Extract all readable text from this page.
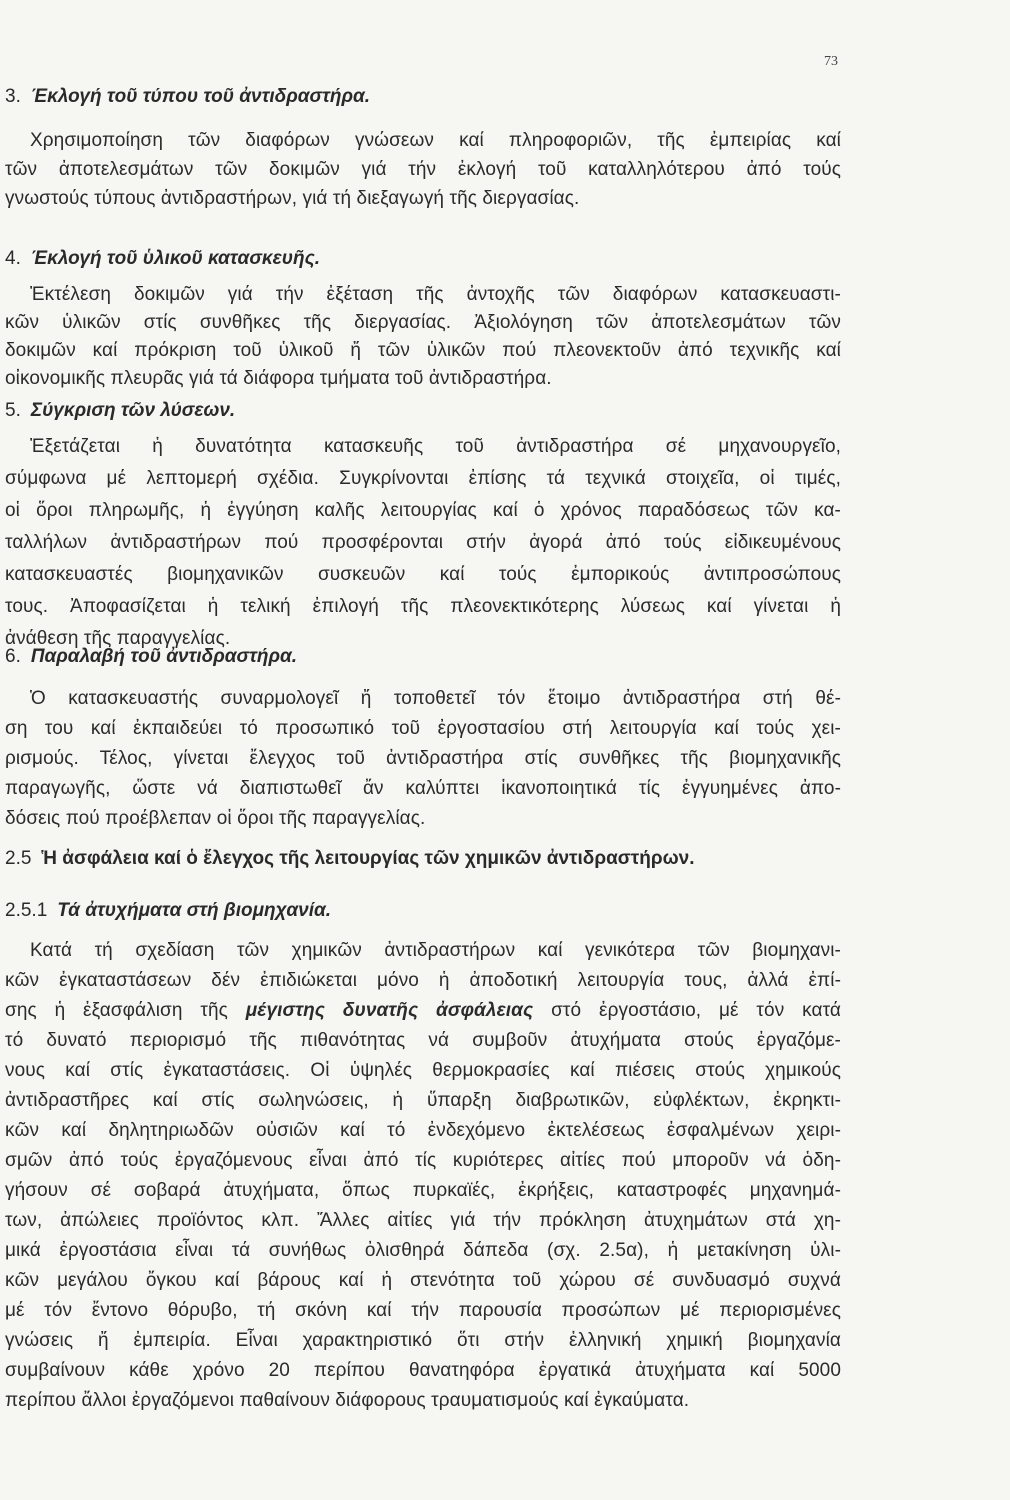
73
3. Έκλογή τοῦ τύπου τοῦ ἀντιδραστήρα.
Χρησιμοποίηση τῶν διαφόρων γνώσεων καί πληροφοριῶν, τῆς ἐμπειρίας καί
τῶν ἀποτελεσμάτων τῶν δοκιμῶν γιά τήν ἐκλογή τοῦ καταλληλότερου ἀπό τούς
γνωστούς τύπους ἀντιδραστήρων, γιά τή διεξαγωγή τῆς διεργασίας.
4. Έκλογή τοῦ ὑλικοῦ κατασκευῆς.
Ἐκτέλεση δοκιμῶν γιά τήν ἐξέταση τῆς ἀντοχῆς τῶν διαφόρων κατασκευαστι-
κῶν ὑλικῶν στίς συνθῆκες τῆς διεργασίας. Ἀξιολόγηση τῶν ἀποτελεσμάτων τῶν
δοκιμῶν καί πρόκριση τοῦ ὑλικοῦ ἤ τῶν ὑλικῶν πού πλεονεκτοῦν ἀπό τεχνικῆς καί
οἰκονομικῆς πλευρᾶς γιά τά διάφορα τμήματα τοῦ ἀντιδραστήρα.
5. Σύγκριση τῶν λύσεων.
Ἐξετάζεται ἡ δυνατότητα κατασκευῆς τοῦ ἀντιδραστήρα σέ μηχανουργεῖο,
σύμφωνα μέ λεπτομερή σχέδια. Συγκρίνονται ἐπίσης τά τεχνικά στοιχεῖα, οἱ τιμές,
οἱ ὅροι πληρωμῆς, ἡ ἐγγύηση καλῆς λειτουργίας καί ὁ χρόνος παραδόσεως τῶν κα-
ταλλήλων ἀντιδραστήρων πού προσφέρονται στήν ἀγορά ἀπό τούς εἰδικευμένους
κατασκευαστές βιομηχανικῶν συσκευῶν καί τούς ἐμπορικούς ἀντιπροσώπους
τους. Ἀποφασίζεται ἡ τελική ἐπιλογή τῆς πλεονεκτικότερης λύσεως καί γίνεται ἡ
ἀνάθεση τῆς παραγγελίας.
6. Παραλαβή τοῦ ἀντιδραστήρα.
Ὁ κατασκευαστής συναρμολογεῖ ἤ τοποθετεῖ τόν ἕτοιμο ἀντιδραστήρα στή θέ-
ση του καί ἐκπαιδεύει τό προσωπικό τοῦ ἐργοστασίου στή λειτουργία καί τούς χει-
ρισμούς. Τέλος, γίνεται ἔλεγχος τοῦ ἀντιδραστήρα στίς συνθῆκες τῆς βιομηχανικῆς
παραγωγῆς, ὥστε νά διαπιστωθεῖ ἄν καλύπτει ἱκανοποιητικά τίς ἐγγυημένες ἀπο-
δόσεις πού προέβλεπαν οἱ ὅροι τῆς παραγγελίας.
2.5 Ἡ ἀσφάλεια καί ὁ ἔλεγχος τῆς λειτουργίας τῶν χημικῶν ἀντιδραστήρων.
2.5.1 Τά ἀτυχήματα στή βιομηχανία.
Κατά τή σχεδίαση τῶν χημικῶν ἀντιδραστήρων καί γενικότερα τῶν βιομηχανι-
κῶν ἐγκαταστάσεων δέν ἐπιδιώκεται μόνο ἡ ἀποδοτική λειτουργία τους, ἀλλά ἐπί-
σης ἡ ἐξασφάλιση τῆς μέγιστης δυνατῆς ἀσφάλειας στό ἐργοστάσιο, μέ τόν κατά
τό δυνατό περιορισμό τῆς πιθανότητας νά συμβοῦν ἀτυχήματα στούς ἐργαζόμε-
νους καί στίς ἐγκαταστάσεις. Οἱ ὑψηλές θερμοκρασίες καί πιέσεις στούς χημικούς
ἀντιδραστῆρες καί στίς σωληνώσεις, ἡ ὕπαρξη διαβρωτικῶν, εὐφλέκτων, ἐκρηκτι-
κῶν καί δηλητηριωδῶν οὐσιῶν καί τό ἐνδεχόμενο ἐκτελέσεως ἐσφαλμένων χειρι-
σμῶν ἀπό τούς ἐργαζόμενους εἶναι ἀπό τίς κυριότερες αἰτίες πού μποροῦν νά ὁδη-
γήσουν σέ σοβαρά ἀτυχήματα, ὅπως πυρκαϊές, ἐκρήξεις, καταστροφές μηχανημά-
των, ἀπώλειες προϊόντος κλπ. Ἄλλες αἰτίες γιά τήν πρόκληση ἀτυχημάτων στά χη-
μικά ἐργοστάσια εἶναι τά συνήθως ὀλισθηρά δάπεδα (σχ. 2.5α), ἡ μετακίνηση ὑλι-
κῶν μεγάλου ὄγκου καί βάρους καί ἡ στενότητα τοῦ χώρου σέ συνδυασμό συχνά
μέ τόν ἔντονο θόρυβο, τή σκόνη καί τήν παρουσία προσώπων μέ περιορισμένες
γνώσεις ἤ ἐμπειρία. Εἶναι χαρακτηριστικό ὅτι στήν ἑλληνική χημική βιομηχανία
συμβαίνουν κάθε χρόνο 20 περίπου θανατηφόρα ἐργατικά ἀτυχήματα καί 5000
περίπου ἄλλοι ἐργαζόμενοι παθαίνουν διάφορους τραυματισμούς καί ἐγκαύματα.
